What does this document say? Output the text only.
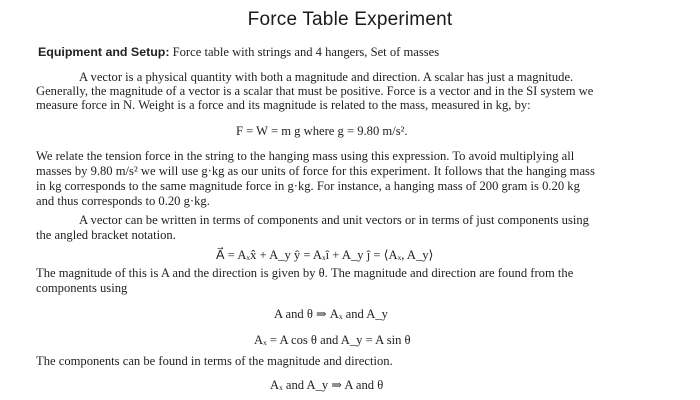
Force Table Experiment
Equipment and Setup: Force table with strings and 4 hangers, Set of masses
A vector is a physical quantity with both a magnitude and direction. A scalar has just a magnitude.
Generally, the magnitude of a vector is a scalar that must be positive. Force is a vector and in the SI system we
measure force in N. Weight is a force and its magnitude is related to the mass, measured in kg, by:
F = W = m g where g = 9.80 m/s².
We relate the tension force in the string to the hanging mass using this expression. To avoid multiplying all
masses by 9.80 m/s² we will use g·kg as our units of force for this experiment. It follows that the hanging mass
in kg corresponds to the same magnitude force in g·kg. For instance, a hanging mass of 200 gram is 0.20 kg
and thus corresponds to 0.20 g·kg.
A vector can be written in terms of components and unit vectors or in terms of just components using
the angled bracket notation.
A⃗ = Aₓx̂ + A_y ŷ = Aₓî + A_y ĵ = ⟨Aₓ, A_y⟩
The magnitude of this is A and the direction is given by θ. The magnitude and direction are found from the
components using
A and θ ⇒ Aₓ and A_y
Aₓ = A cos θ and A_y = A sin θ
The components can be found in terms of the magnitude and direction.
Aₓ and A_y ⇒ A and θ
